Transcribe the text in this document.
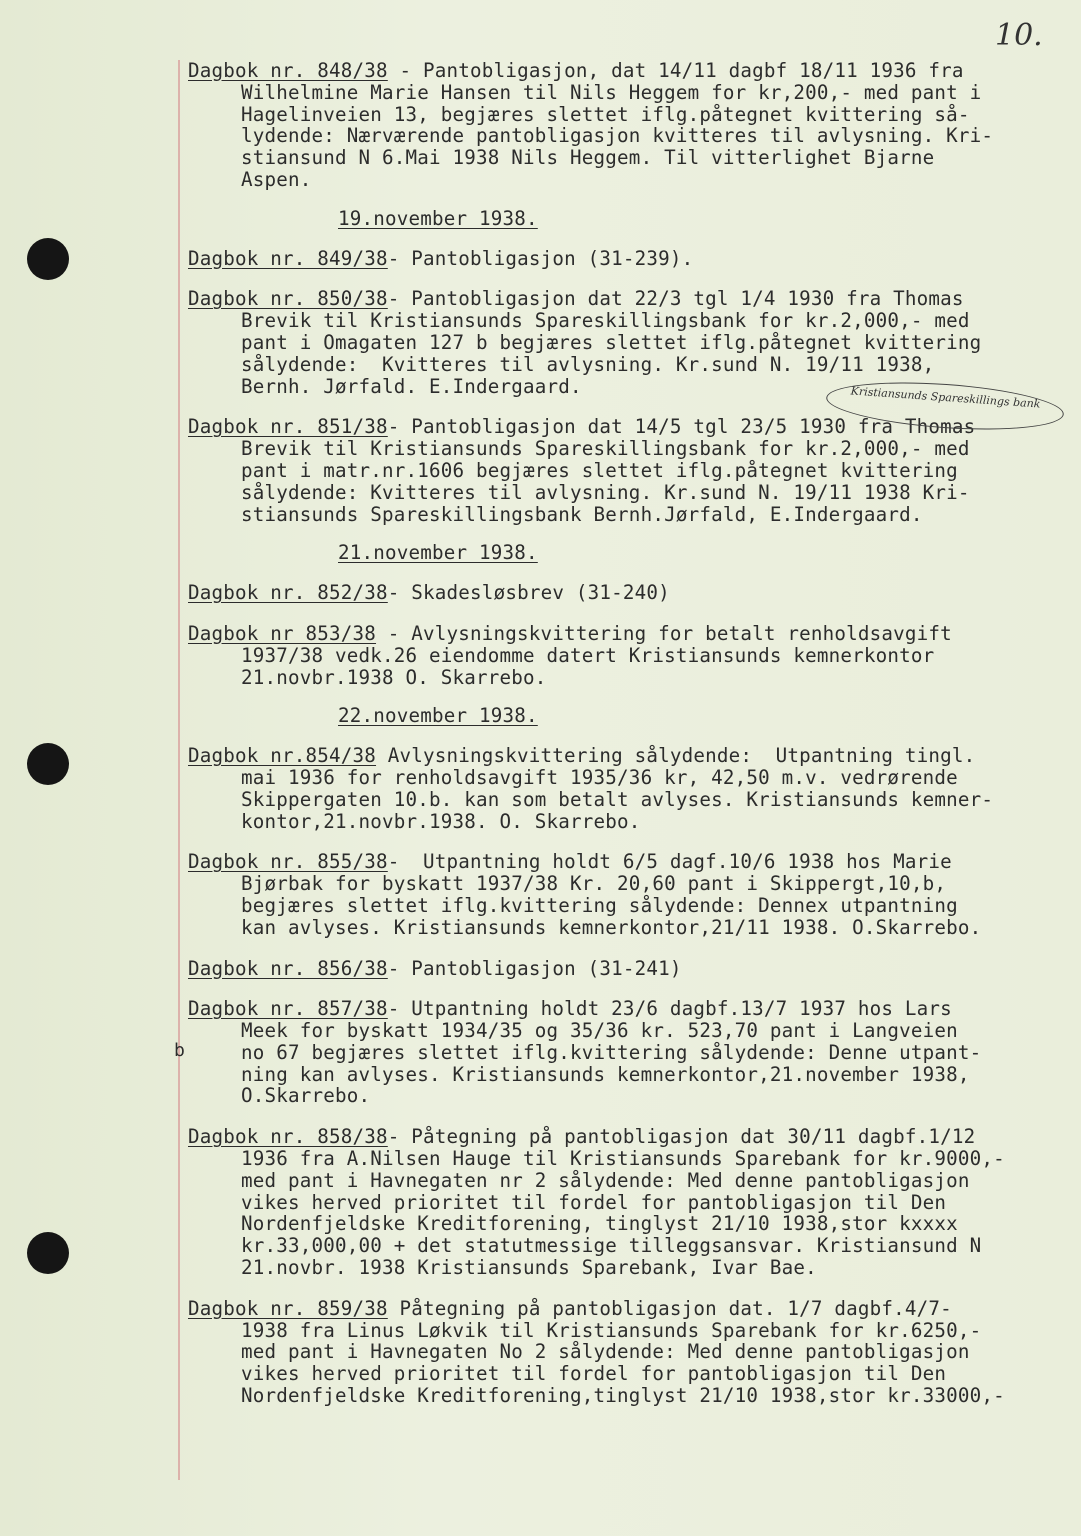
10.
b
Dagbok nr. 848/38 - Pantobligasjon, dat 14/11 dagbf 18/11 1936 fra
Wilhelmine Marie Hansen til Nils Heggem for kr,200,- med pant i
Hagelinveien 13, begjæres slettet iflg.påtegnet kvittering så-
lydende: Nærværende pantobligasjon kvitteres til avlysning. Kri-
stiansund N 6.Mai 1938 Nils Heggem. Til vitterlighet Bjarne
Aspen.
19.november 1938.
Dagbok nr. 849/38- Pantobligasjon (31-239).
Dagbok nr. 850/38- Pantobligasjon dat 22/3 tgl 1/4 1930 fra Thomas
Brevik til Kristiansunds Spareskillingsbank for kr.2,000,- med
pant i Omagaten 127 b begjæres slettet iflg.påtegnet kvittering
sålydende:  Kvitteres til avlysning. Kr.sund N. 19/11 1938,
Bernh. Jørfald. E.Indergaard.
Dagbok nr. 851/38- Pantobligasjon dat 14/5 tgl 23/5 1930 fra Thomas
Brevik til Kristiansunds Spareskillingsbank for kr.2,000,- med
pant i matr.nr.1606 begjæres slettet iflg.påtegnet kvittering
sålydende: Kvitteres til avlysning. Kr.sund N. 19/11 1938 Kri-
stiansunds Spareskillingsbank Bernh.Jørfald, E.Indergaard.
21.november 1938.
Dagbok nr. 852/38- Skadesløsbrev (31-240)
Dagbok nr 853/38 - Avlysningskvittering for betalt renholdsavgift
1937/38 vedk.26 eiendomme datert Kristiansunds kemnerkontor
21.novbr.1938 O. Skarrebo.
22.november 1938.
Dagbok nr.854/38 Avlysningskvittering sålydende:  Utpantning tingl.
mai 1936 for renholdsavgift 1935/36 kr, 42,50 m.v. vedrørende
Skippergaten 10.b. kan som betalt avlyses. Kristiansunds kemner-
kontor,21.novbr.1938. O. Skarrebo.
Dagbok nr. 855/38-  Utpantning holdt 6/5 dagf.10/6 1938 hos Marie
Bjørbak for byskatt 1937/38 Kr. 20,60 pant i Skippergt,10,b,
begjæres slettet iflg.kvittering sålydende: Dennex utpantning
kan avlyses. Kristiansunds kemnerkontor,21/11 1938. O.Skarrebo.
Dagbok nr. 856/38- Pantobligasjon (31-241)
Dagbok nr. 857/38- Utpantning holdt 23/6 dagbf.13/7 1937 hos Lars
Meek for byskatt 1934/35 og 35/36 kr. 523,70 pant i Langveien
no 67 begjæres slettet iflg.kvittering sålydende: Denne utpant-
ning kan avlyses. Kristiansunds kemnerkontor,21.november 1938,
O.Skarrebo.
Dagbok nr. 858/38- Påtegning på pantobligasjon dat 30/11 dagbf.1/12
1936 fra A.Nilsen Hauge til Kristiansunds Sparebank for kr.9000,-
med pant i Havnegaten nr 2 sålydende: Med denne pantobligasjon
vikes herved prioritet til fordel for pantobligasjon til Den
Nordenfjeldske Kreditforening, tinglyst 21/10 1938,stor kxxxx
kr.33,000,00 + det statutmessige tilleggsansvar. Kristiansund N
21.novbr. 1938 Kristiansunds Sparebank, Ivar Bae.
Dagbok nr. 859/38 Påtegning på pantobligasjon dat. 1/7 dagbf.4/7-
1938 fra Linus Løkvik til Kristiansunds Sparebank for kr.6250,-
med pant i Havnegaten No 2 sålydende: Med denne pantobligasjon
vikes herved prioritet til fordel for pantobligasjon til Den
Nordenfjeldske Kreditforening,tinglyst 21/10 1938,stor kr.33000,-
Kristiansunds Spareskillings bank
